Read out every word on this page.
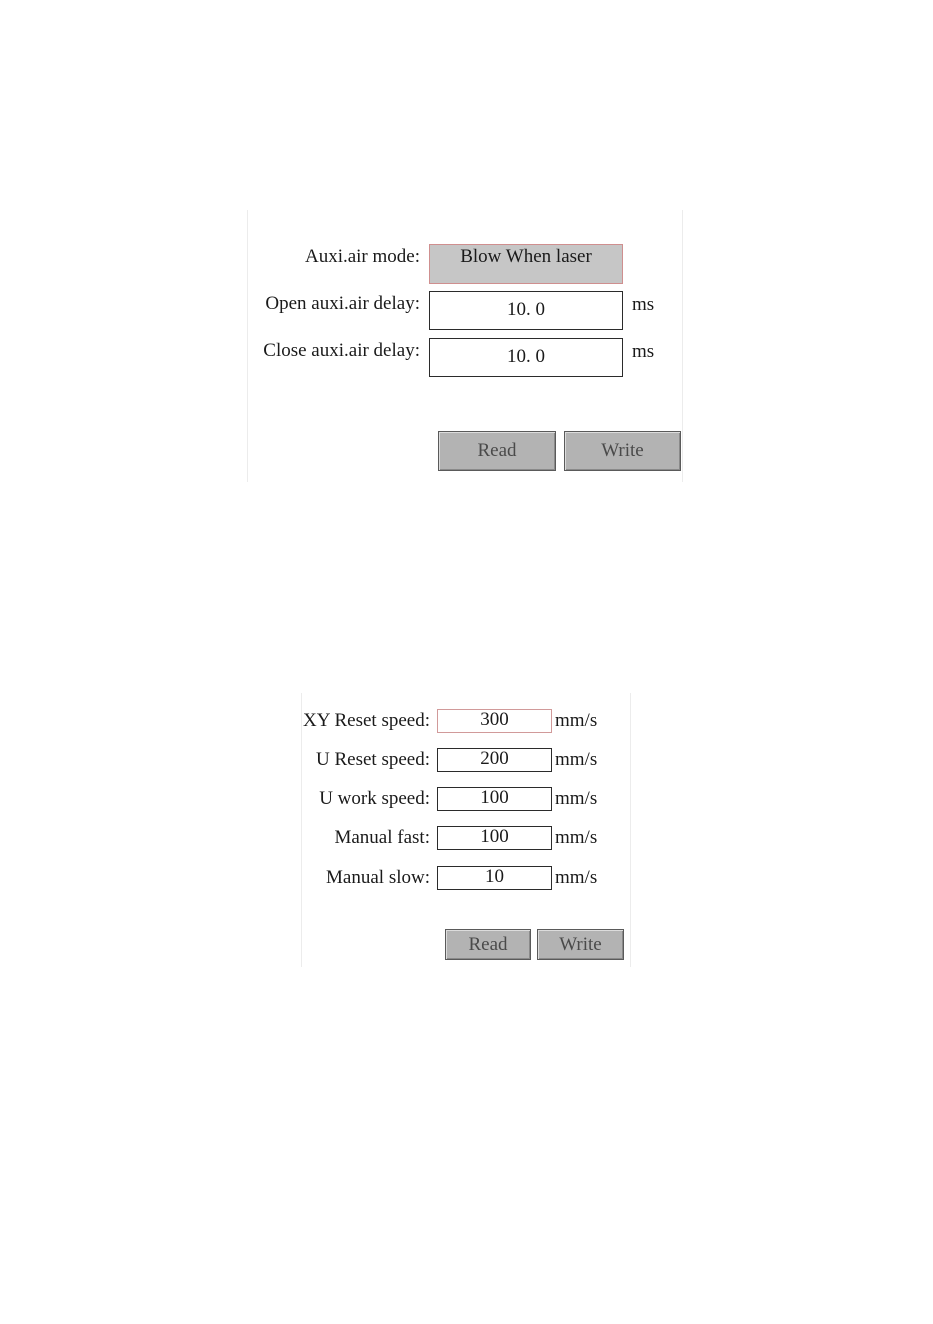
Auxi.air mode:	Blow When laser
Open auxi.air delay:	10. 0	ms
Close auxi.air delay:	10. 0	ms
Read	Write
XY Reset speed:	300	mm/s
U Reset speed:	200	mm/s
U work speed:	100	mm/s
Manual fast:	100	mm/s
Manual slow:	10	mm/s
Read	Write
